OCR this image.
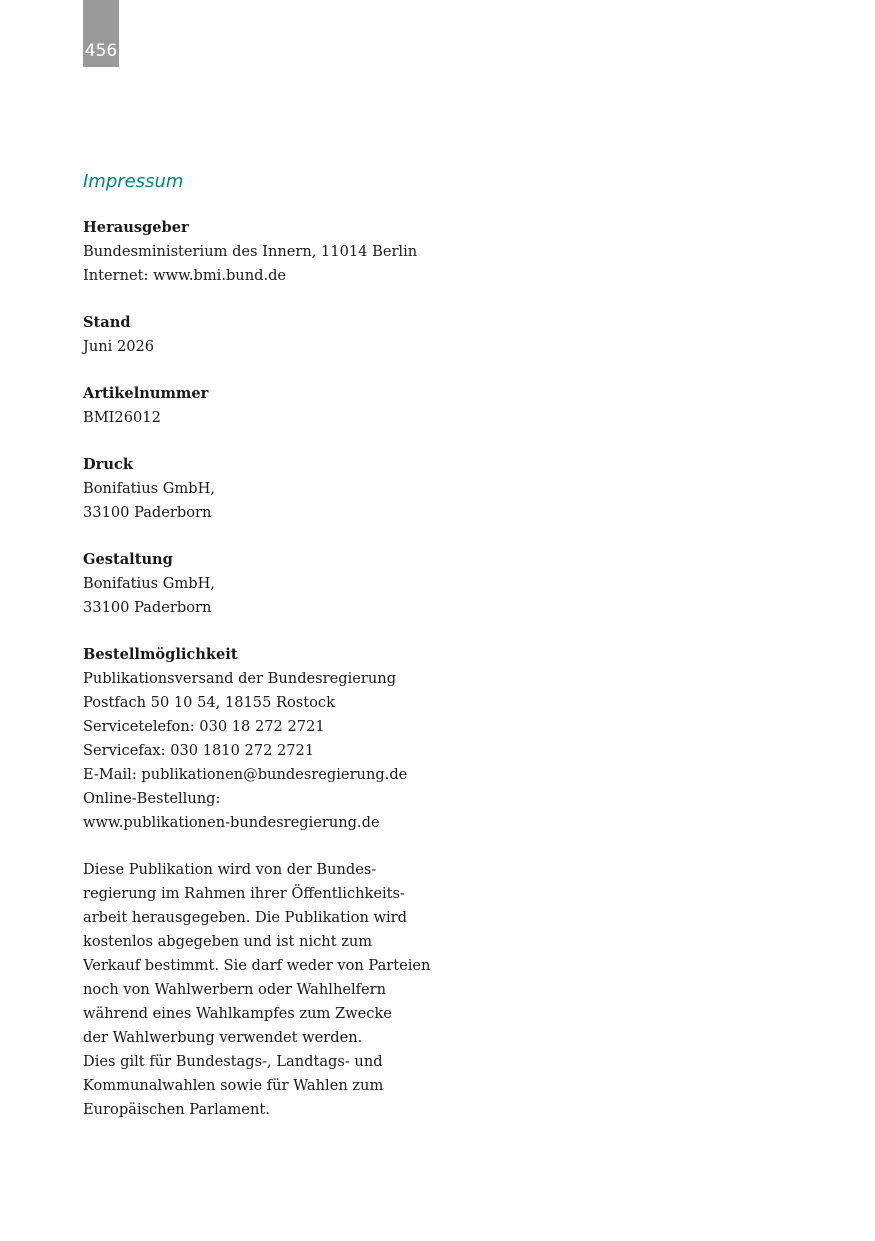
456
Impressum
Herausgeber
Bundesministerium des Innern, 11014 Berlin
Internet: www.bmi.bund.de
Stand
Juni 2026
Artikelnummer
BMI26012
Druck
Bonifatius GmbH,
33100 Paderborn
Gestaltung
Bonifatius GmbH,
33100 Paderborn
Bestellmöglichkeit
Publikationsversand der Bundesregierung
Postfach 50 10 54, 18155 Rostock
Servicetelefon: 030 18 272 2721
Servicefax: 030 1810 272 2721
E-Mail: publikationen@bundesregierung.de
Online-Bestellung:
www.publikationen-bundesregierung.de
Diese Publikation wird von der Bundes-
regierung im Rahmen ihrer Öffentlichkeits-
arbeit herausgegeben. Die Publikation wird
kostenlos abgegeben und ist nicht zum
Verkauf bestimmt. Sie darf weder von Parteien
noch von Wahlwerbern oder Wahlhelfern
während eines Wahlkampfes zum Zwecke
der Wahlwerbung verwendet werden.
Dies gilt für Bundestags-, Landtags- und
Kommunalwahlen sowie für Wahlen zum
Europäischen Parlament.
